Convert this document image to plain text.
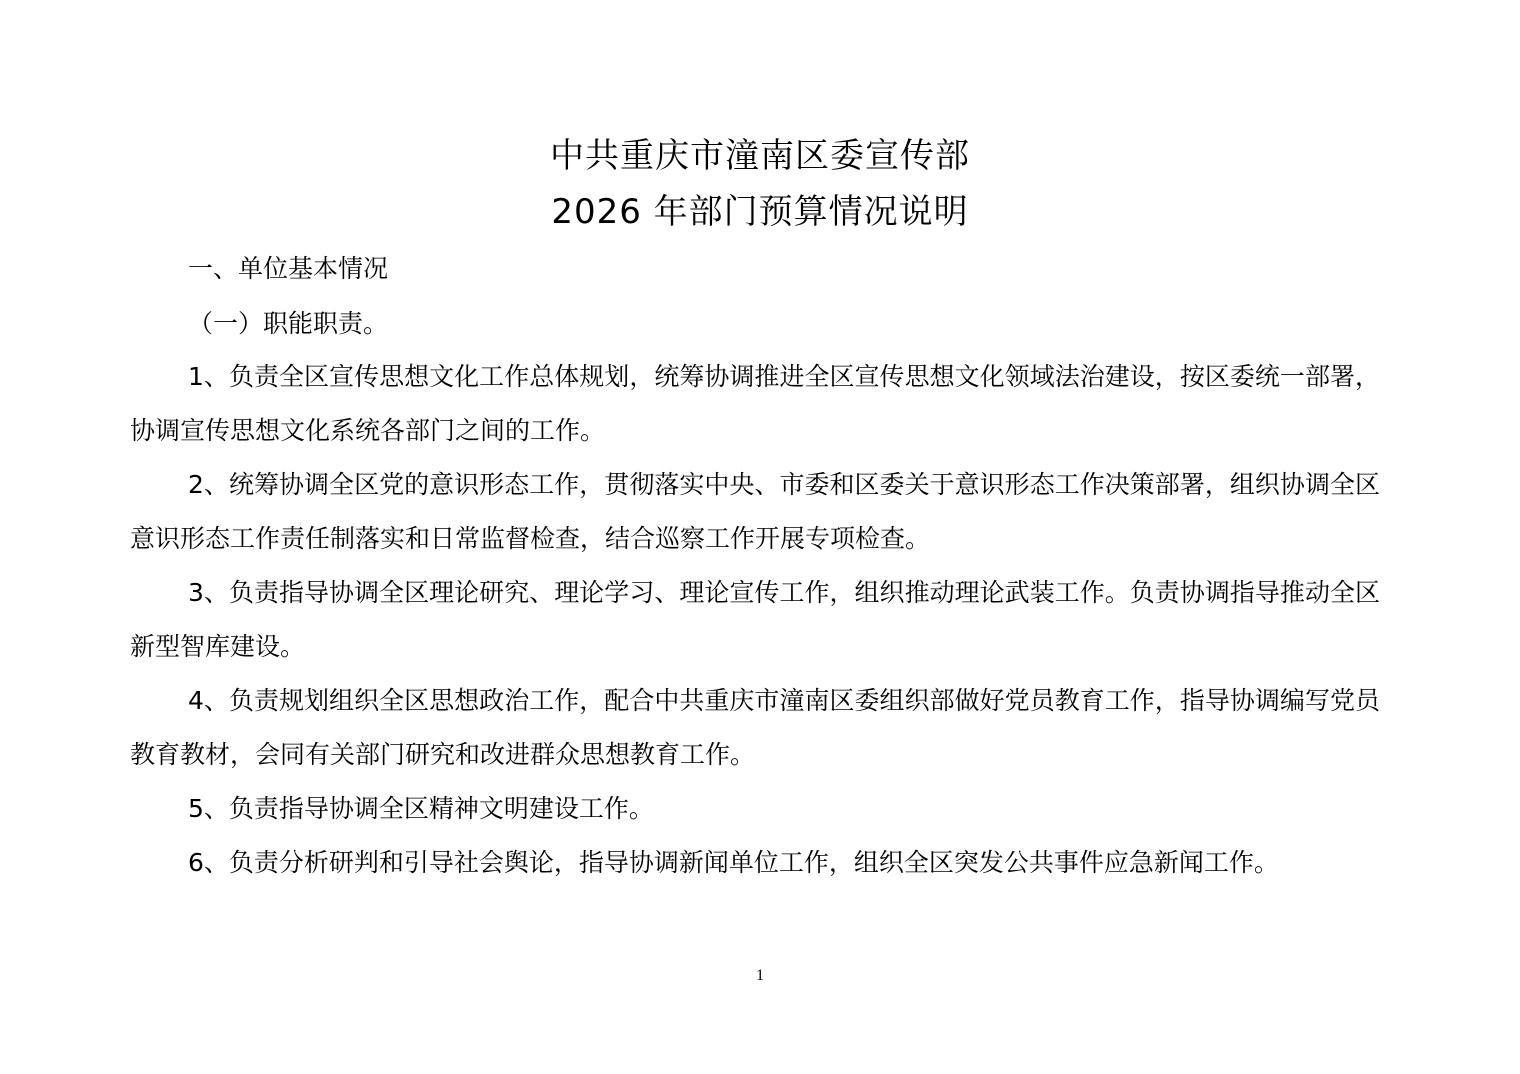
中共重庆市潼南区委宣传部
2026 年部门预算情况说明
一、单位基本情况
（一）职能职责。

1、负责全区宣传思想文化工作总体规划，统筹协调推进全区宣传思想文化领域法治建设，按区委统一部署，协调宣传思想文化系统各部门之间的工作。

2、统筹协调全区党的意识形态工作，贯彻落实中央、市委和区委关于意识形态工作决策部署，组织协调全区意识形态工作责任制落实和日常监督检查，结合巡察工作开展专项检查。

3、负责指导协调全区理论研究、理论学习、理论宣传工作，组织推动理论武装工作。负责协调指导推动全区新型智库建设。

4、负责规划组织全区思想政治工作，配合中共重庆市潼南区委组织部做好党员教育工作，指导协调编写党员教育教材，会同有关部门研究和改进群众思想教育工作。

5、负责指导协调全区精神文明建设工作。

6、负责分析研判和引导社会舆论，指导协调新闻单位工作，组织全区突发公共事件应急新闻工作。

1
